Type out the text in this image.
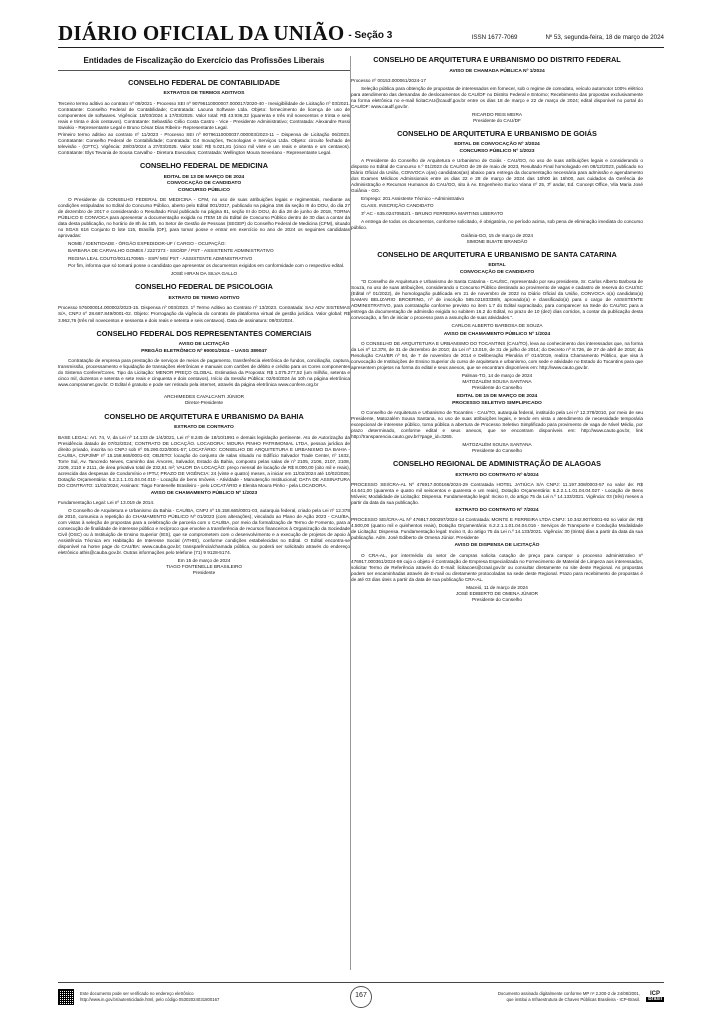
DIÁRIO OFICIAL DA UNIÃO - Seção 3	ISSN 1677-7069	Nº 53, segunda-feira, 18 de março de 2024
Entidades de Fiscalização do Exercício das Profissões Liberais
CONSELHO FEDERAL DE CONTABILIDADE
EXTRATOS DE TERMOS ADITIVOS

Terceiro termo aditivo ao contrato nº 09/2021 - Processo SEI nº 90796110000007.000017/2020-40 - Inexigibilidade de Licitação nº 03/2021. Contratante: Conselho Federal de Contabilidade; Contratada: Lacuna Software Ltda. Objeto: fornecimento de licença de uso de componentes de softwares. Vigência: 18/03/2024 a 17/03/2025. Valor total: R$ 43.936,32 (quarenta e três mil novecentos e trinta e seis reais e trinta e dois centavos). Contratante: Sebastião Célio Costa Castro - Vice - Presidente Administrativo; Contratada: Alexandre Rossi Swiokio - Representante Legal e Bruno César Dias Ribeiro- Representante Legal.

Primeiro termo aditivo ao contrato nº 11/2023 - Processo SEI nº 90796110000037.000003/2023-11 – Dispensa de Licitação 06/2023. Contratante: Conselho Federal de Contabilidade; Contratada: G4 Inovações, Tecnologias e Serviços Ltda. Objeto: circuito fechado de televisão - (CFTC). Vigência: 28/03/2024 a 27/03/2025. Valor total: R$ 5.021,81 (cinco mil vinte e um reais e oitenta e um centavos). Contratante: Elys Tevania de Sousa Carvalho - Diretora Executiva; Contratada: Wellington Moura Severiano - Representante Legal.

CONSELHO FEDERAL DE MEDICINA
EDITAL DE 13 DE MARÇO DE 2024
CONVOCAÇÃO DE CANDIDATO
CONCURSO PÚBLICO

O Presidente do CONSELHO FEDERAL DE MEDICINA - CFM, no uso de suas atribuições legais e regimentais, mediante as condições estipuladas no Edital do Concurso Público, aberto pelo Edital 001/2017, publicado na página 156 da seção III do DOU, do dia 27 de dezembro de 2017 e considerando o Resultado Final publicado na página 81, seção III do DOU, do dia 28 de junho de 2018, TORNA PÚBLICO E CONVOCA para apresentar a documentação exigida no ITEM 18 do Edital de Concurso Público dentro de 30 dias a contar da data desta publicação, no horário de 8h às 18h, no Setor de Gestão de Pessoas (SEGEP) do Conselho Federal de Medicina (CFM), situado no SGAS 616 Conjunto D lote 115, Brasília (DF), para tomar posse e entrar em exercício no ano de 2024 os seguintes candidatas aprovadas:

NOME / IDENTIDADE - ÓRGÃO EXPEDIDOR-UF / CARGO - OCUPAÇÃO:

BARBARA DE CARVALHO GOMES / 2227273 - SSO/DF / PST - ASSISTENTE ADMINISTRATIVO

REGINA LEAL COUTO/0014170955 - SSP/ MS/ PST - ASSISTENTE ADMINISTRATIVO

Por fim, informa que só tomará posse o candidato que apresentar os documentos exigidos em conformidade com o respectivo edital.

JOSÉ HIRAN DA SILVA GALLO
CONSELHO FEDERAL DE PSICOLOGIA
EXTRATO DE TERMO ADITIVO

Processo 576000014.000002/2023-15. Dispensa nº 003/2023. 1º Termo Aditivo ao Contrato nº 13/2023. Contratada: SAJ ADV SISTEMAS S/A, CNPJ nº 28.687.849/0001-02. Objeto: Prorrogação da vigência do contrato de plataforma virtual de gestão jurídica. Valor global: R$ 3.962,76 (três mil novecentos e sessenta e dois reais e setenta e seis centavos). Data de assinatura: 08/03/2024.

CONSELHO FEDERAL DOS REPRESENTANTES COMERCIAIS
AVISO DE LICITAÇÃO
PREGÃO ELETRÔNICO Nº 90001/2024 – UASG 389047

Contratação de empresa para prestação de serviços de meios de pagamento, transferência eletrônica de fundos, conciliação, captura, transmissão, processamento e liquidação de transações eletrônicas e manuais com cartões de débito e crédito para os Cores componentes do Sistema Confere/Cores. Tipo da Licitação: MENOR PREÇO GLOBAL. Estimativa da Proposta: R$ 1.075.277,52 (um milhão, setenta e cinco mil, duzentos e setenta e sete reais e cinquenta e dois centavos). Início da Sessão Pública: 02/04/2024 às 10h na página eletrônica www.comprasnet.gov.br. O Edital é gratuito e pode ser retirado pela internet, através da página eletrônica www.confere.org.br

ARCHIMEDES CAVALCANTI JÚNIOR
Diretor-Presidente
CONSELHO DE ARQUITETURA E URBANISMO DA BAHIA
EXTRATO DE CONTRATO

BASE LEGAL: Art. 74, V, da Lei nº 14.133 de 1/4/2021, Lei nº 8.245 de 18/10/1991 e demais legislação pertinente. Ato de Autorização da Presidência datado de 07/02/2024; CONTRATO DE LOCAÇÃO. LOCADORA: MOURA PINHO PATRIMONIAL LTDA, pessoa jurídica de direito privado, inscrita no CNPJ sob nº 05.290.022/0001-57; LOCATÁRIO: CONSELHO DE ARQUITETURA E URBANISMO DA BAHIA - CAU/BA, CNPJ/MF nº 15.158.665/0001-03; OBJETO: locação do conjunto de salas situado no Edifício Salvador Trade Center, nº 1632, Torre Sul, Av. Tancredo Neves, Caminho das Árvores, Salvador, Estado da Bahia, composto pelas salas de nº 2105, 2106, 2107, 2108, 2109, 2110 e 2111, de área privativa total de 232,61 m²; VALOR DA LOCAÇÃO: preço mensal de locação de R$ 8.000,00 (oito mil e reais), acrescida das despesas de Condomínio e IPTU; PRAZO DE VIGÊNCIA: 24 (vinte e quatro) meses, a iniciar em 11/02/2024 até 10/02/2026; Dotação Orçamentária: 6.2.2.1.1.01.04.04.010 - Locação de bens Imóveis - Atividade - Manutenção Institucional; DATA DE ASSINATURA DO CONTRATO: 11/02/2024; Assinam: Tiago Fontenelle Brasileiro - pelo LOCATÁRIO e Elenita Moura Pinho - pela LOCADORA.

AVISO DE CHAMAMENTO PÚBLICO Nº 1/2023

Fundamentação Legal: Lei nº 13.019 de 2014.

O Conselho de Arquitetura e Urbanismo da Bahia - CAU/BA, CNPJ nº 15.158.665/0001-03, autarquia federal, criado pela Lei nº 12.378 de 2010, comunica a repetição do CHAMAMENTO PÚBLICO Nº 01/2023 (com alterações), vinculado ao Plano de Ação 2023 - CAU/BA, com vistas à seleção de propostas para a celebração de parceria com o CAU/BA, por meio da formalização de Termo de Fomento, para a consecução de finalidade de interesse público e recíproco que envolve a transferência de recursos financeiros à Organização da Sociedade Civil (OSC) ou à Instituição de Ensino Superior (IES), que se comprometem com o desenvolvimento e a execução de projetos de apoio à Assistência Técnica em Habitação de Interesse Social (ATHIS), conforme condições estabelecidas no Edital. O Edital encontra-se disponível na home page do CAU/BA: www.cauba.gov.br; transparência/chamada pública, ou poderá ser solicitado através do endereço eletrônico athis@cauba.gov.br. Outras informações pelo telefone (71) 9 9128-5174.

Em 15 de março de 2024
TIAGO FONTENELLE BRASILEIRO
Presidente
CONSELHO DE ARQUITETURA E URBANISMO DO DISTRITO FEDERAL
AVISO DE CHAMADA PÚBLICA Nº 1/2024

Processo nº 00153.000061/2024-17

Seleção pública para obtenção de propostas de interessados em fornecer, sob o regime de comodato, veículo automotor 100% elétrico para atendimento das demandas de deslocamentos do CAU/DF no Distrito Federal e Entorno; Recebimento das propostas exclusivamente na forma eletrônica no e-mail licitaCAU@caudf.gov.br entre os dias 18 de março e 22 de março de 2024; edital disponível no portal do CAU/DF: www.caudf.gov.br.

RICARDO REIS MEIRA
Presidente do CAU/DF
CONSELHO DE ARQUITETURA E URBANISMO DE GOIÁS
EDITAL DE CONVOCAÇÃO Nº 3/2024
CONCURSO PÚBLICO Nº 1/2023

A Presidente do Conselho de Arquitetura e Urbanismo de Goiás - CAU/GO, no uso de suas atribuições legais e considerando o disposto no Edital de Concurso n.º 01/2023 do CAU/GO de 29 de maio de 2023, Resultado Final homologado em 08/12/2023, publicado no Diário Oficial da União, CONVOCA o(as) candidatos(as) abaixo para entrega da documentação necessária para admissão e agendamento dos Exames Médicos Admissionais entre os dias 22 e 28 de março de 2024 das 10h00 às 16h00, aos cuidados da Gerência de Administração e Recursos Humanos do CAU/GO, sito à Av. Engenheiro Eurico Viana nº 25, 3º andar, Ed. Concept Office, Vila Maria José Goiânia - GO.

Emprego: 201 Assistente Técnico –Administrativo

CLASS. INSCRIÇÃO CANDIDATO

3º AC - 635.02470552/1 - BRUNO FERREIRA MARTINS LIBERATO

A entrega de todos os documentos, conforme solicitado, é obrigatória, no período acima, sob pena de eliminação imediata do concurso público.

Goiânia-GO, 15 de março de 2024
SIMONE BUIATE BRANDÃO
CONSELHO DE ARQUITETURA E URBANISMO DE SANTA CATARINA
EDITAL
CONVOCAÇÃO DE CANDIDATO

"O Conselho de Arquitetura e Urbanismo de Santa Catarina - CAU/SC, representado por seu presidente, Sr. Carlos Alberto Barbosa de Souza, no uso de suas atribuições, considerando o Concurso Público destinado ao provimento de vagas e cadastro de reserva do CAU/SC (Edital nº 01/2022), de homologação publicada em 21 de novembro de 2022 no Diário Oficial da União, CONVOCA o(a) candidato(a) SAMAN BELIZARIO BROERING, nº de inscrição 585.02183338/8, aprovado(a) e classificado(a) para o cargo de ASSISTENTE ADMINISTRATIVO, para contratação conforme previsto no item 1.7 do Edital supracitado, para comparecer na Sede do CAU/SC para a entrega da documentação de admissão exigida no subitem 16.2 do Edital, no prazo de 10 (dez) dias corridos, a contar da publicação desta convocação, a fim de iniciar o processo para a assunção de suas atividades.".

CARLOS ALBERTO BARBOSA DE SOUZA
AVISO DE CHAMAMENTO PÚBLICO Nº 1/2024

O CONSELHO DE ARQUITETURA E URBANISMO DO TOCANTINS (CAU/TO), leva ao conhecimento dos interessados que, na forma da Lei nº 12.378, de 31 de dezembro de 2010; da Lei nº 13.019, de 31 de julho de 2014; do Decreto nº 8.726, de 27 de abril de 2016; da Resolução CAU/BR nº 94, de 7 de novembro de 2014 e Deliberação Plenária nº 014/2019, realiza Chamamento Público, que visa à convocação de Instituições de Ensino Superior do curso de arquitetura e urbanismo, com sede e atividade no Estado do Tocantins para que apresentem projetos na forma do edital e seus anexos, que se encontram disponíveis em: http://www.cauto.gov.br.

Palmas-TO, 14 de março de 2024
MATOZALÉM SOUSA SANTANA
Presidente do Conselho
EDITAL DE 15 DE MARÇO DE 2024
PROCESSO SELETIVO SIMPLIFICADO

O Conselho de Arquitetura e Urbanismo de Tocantins - CAU/TO, autarquia federal, instituído pela Lei nº 12.378/2010, por meio de seu Presidente, Matozalém Sousa Santana, no uso de suas atribuições legais, e tendo em vista o atendimento de necessidade temporária excepcional de interesse público, torna pública a abertura de Processo Seletivo Simplificado para provimento de vaga de Nível Médio, por prazo determinado, conforme edital e seus anexos, que se encontram disponíveis em: http://www.cauto.gov.br, link http://transparencia.cauto.gov.br/?page_id=3265.

MATOZALÉM SOUSA SANTANA
Presidente do Conselho
CONSELHO REGIONAL DE ADMINISTRAÇÃO DE ALAGOAS
EXTRATO DO CONTRATO Nº 6/2024

PROCESSO SEI/CRA-AL Nº 476917.000166/2024-29 Contratada HOTEL JATIÚCA S/A CNPJ: 11.197.308/0003-57 no valor de: R$ 44.641,00 (quarenta e quatro mil seiscentos e quarenta e um reais), Dotação Orçamentária: 6.2.2.1.1.01.04.04.027 - Locação de Bens Móveis; Modalidade de Licitação: Dispensa. Fundamentação legal: Inciso II, do artigo 75 da Lei n.º 14.133/2021. Vigência: 03 (três) meses a partir da data da sua publicação.

EXTRATO DO CONTRATO Nº 7/2024

PROCESSO SEI/CRA-AL Nº 476917.000297/2024-14 Contratada: MONTE E FERREIRA LTDA CNPJ: 10.342.907/0001-92 no valor de: R$ 4.500,00 (quatro mil e quinhentos reais), Dotação Orçamentária: 6.2.2.1.1.01.04.04.016 - Serviços de Transporte e Condução Modalidade de Licitação: Dispensa. Fundamentação legal: Inciso II, do artigo 75 da Lei n.º 14.133/2021. Vigência: 30 (trinta) dias a partir da data da sua publicação. Adm. José Ediberto de Omena Júnior. Presidente

AVISO DE DISPENSA DE LICITAÇÃO

O CRA-AL, por intermédio do setor de compras solicita cotação de preço para compor o processo administrativo nº 476917.000361/2024-59 cujo o objeto é Contratação de Empresa Especializada no Fornecimento de Material de Limpeza aos interessados, solicitar Termo de Referência através do E-mail: licitacoes@craal.gov.br ou consultar diretamente no site deste Regional. As propostas podem ser encaminhadas através de E-mail ou diretamente protocoladas na sede deste Regional. Prazo para recebimento de propostas é de até 03 dias úteis a partir da data de sua publicação CRA-AL.

Maceió, 11 de março de 2024
JOSÉ EDIBERTO DE OMENA JÚNIOR
Presidente do Conselho
Este documento pode ser verificado no endereço eletrônico
http://www.in.gov.br/autenticidade.html, pelo código 05302024031800167	167	Documento assinado digitalmente conforme MP nº 2.200-2 de 24/08/2001,
que institui a Infraestrutura de Chaves Públicas Brasileira - ICP-Brasil.
ICP
Brasil
